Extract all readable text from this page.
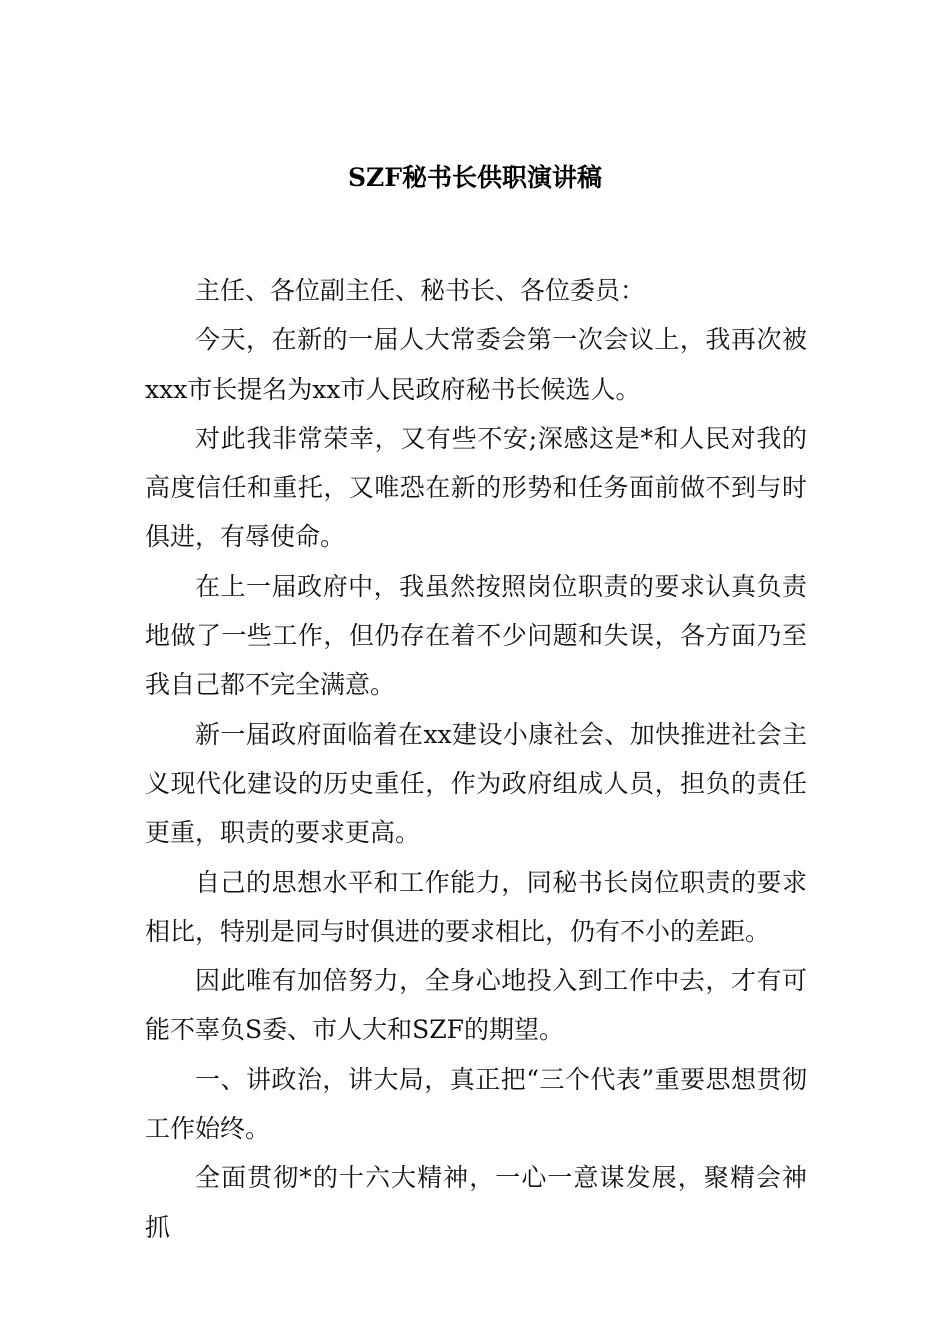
SZF秘书长供职演讲稿

主任、各位副主任、秘书长、各位委员：

今天，在新的一届人大常委会第一次会议上，我再次被xxx市长提名为xx市人民政府秘书长候选人。

对此我非常荣幸，又有些不安;深感这是*和人民对我的高度信任和重托，又唯恐在新的形势和任务面前做不到与时俱进，有辱使命。

在上一届政府中，我虽然按照岗位职责的要求认真负责地做了一些工作，但仍存在着不少问题和失误，各方面乃至我自己都不完全满意。

新一届政府面临着在xx建设小康社会、加快推进社会主义现代化建设的历史重任，作为政府组成人员，担负的责任更重，职责的要求更高。

自己的思想水平和工作能力，同秘书长岗位职责的要求相比，特别是同与时俱进的要求相比，仍有不小的差距。

因此唯有加倍努力，全身心地投入到工作中去，才有可能不辜负S委、市人大和SZF的期望。

一、讲政治，讲大局，真正把“三个代表”重要思想贯彻工作始终。

全面贯彻*的十六大精神，一心一意谋发展，聚精会神抓
